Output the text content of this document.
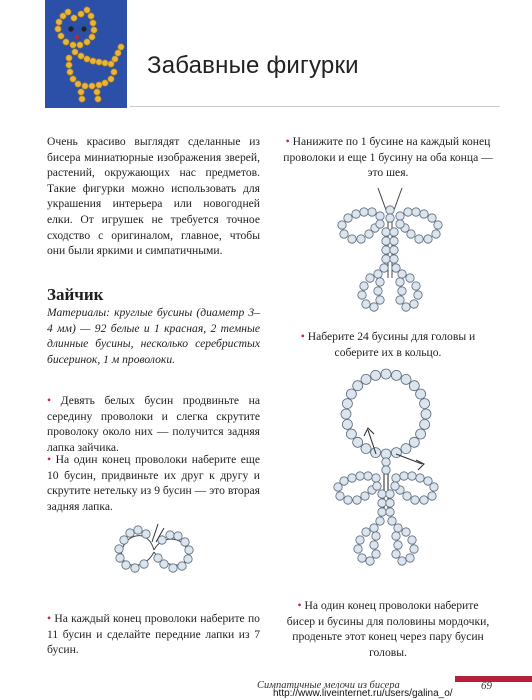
Забавные фигурки
Очень красиво выглядят сделанные из бисера миниатюрные изображения зверей, растений, окружающих нас предметов. Такие фигурки можно использовать для украшения интерьера или новогодней елки. От игрушек не требуется точное сходство с оригиналом, главное, чтобы они были яркими и симпатичными.
Зайчик
Материалы: круглые бусины (диаметр 3–4 мм) — 92 белые и 1 красная, 2 темные длинные бусины, несколько серебристых бисеринок, 1 м проволоки.
• Девять белых бусин продвиньте на середину проволоки и слегка скрутите проволоку около них — получится задняя лапка зайчика.
• На один конец проволоки наберите еще 10 бусин, придвиньте их друг к другу и скрутите нетельку из 9 бусин — это вторая задняя лапка.
• На каждый конец проволоки наберите по 11 бусин и сделайте передние лапки из 7 бусин.
• Нанижите по 1 бусине на каждый конец проволоки и еще 1 бусину на оба конца — это шея.
• Наберите 24 бусины для головы и соберите их в кольцо.
• На один конец проволоки наберите бисер и бусины для половины мордочки, проденьте этот конец через пару бусин головы.
Симпатичные мелочи из бисера
http://www.liveinternet.ru/users/galina_o/
69
